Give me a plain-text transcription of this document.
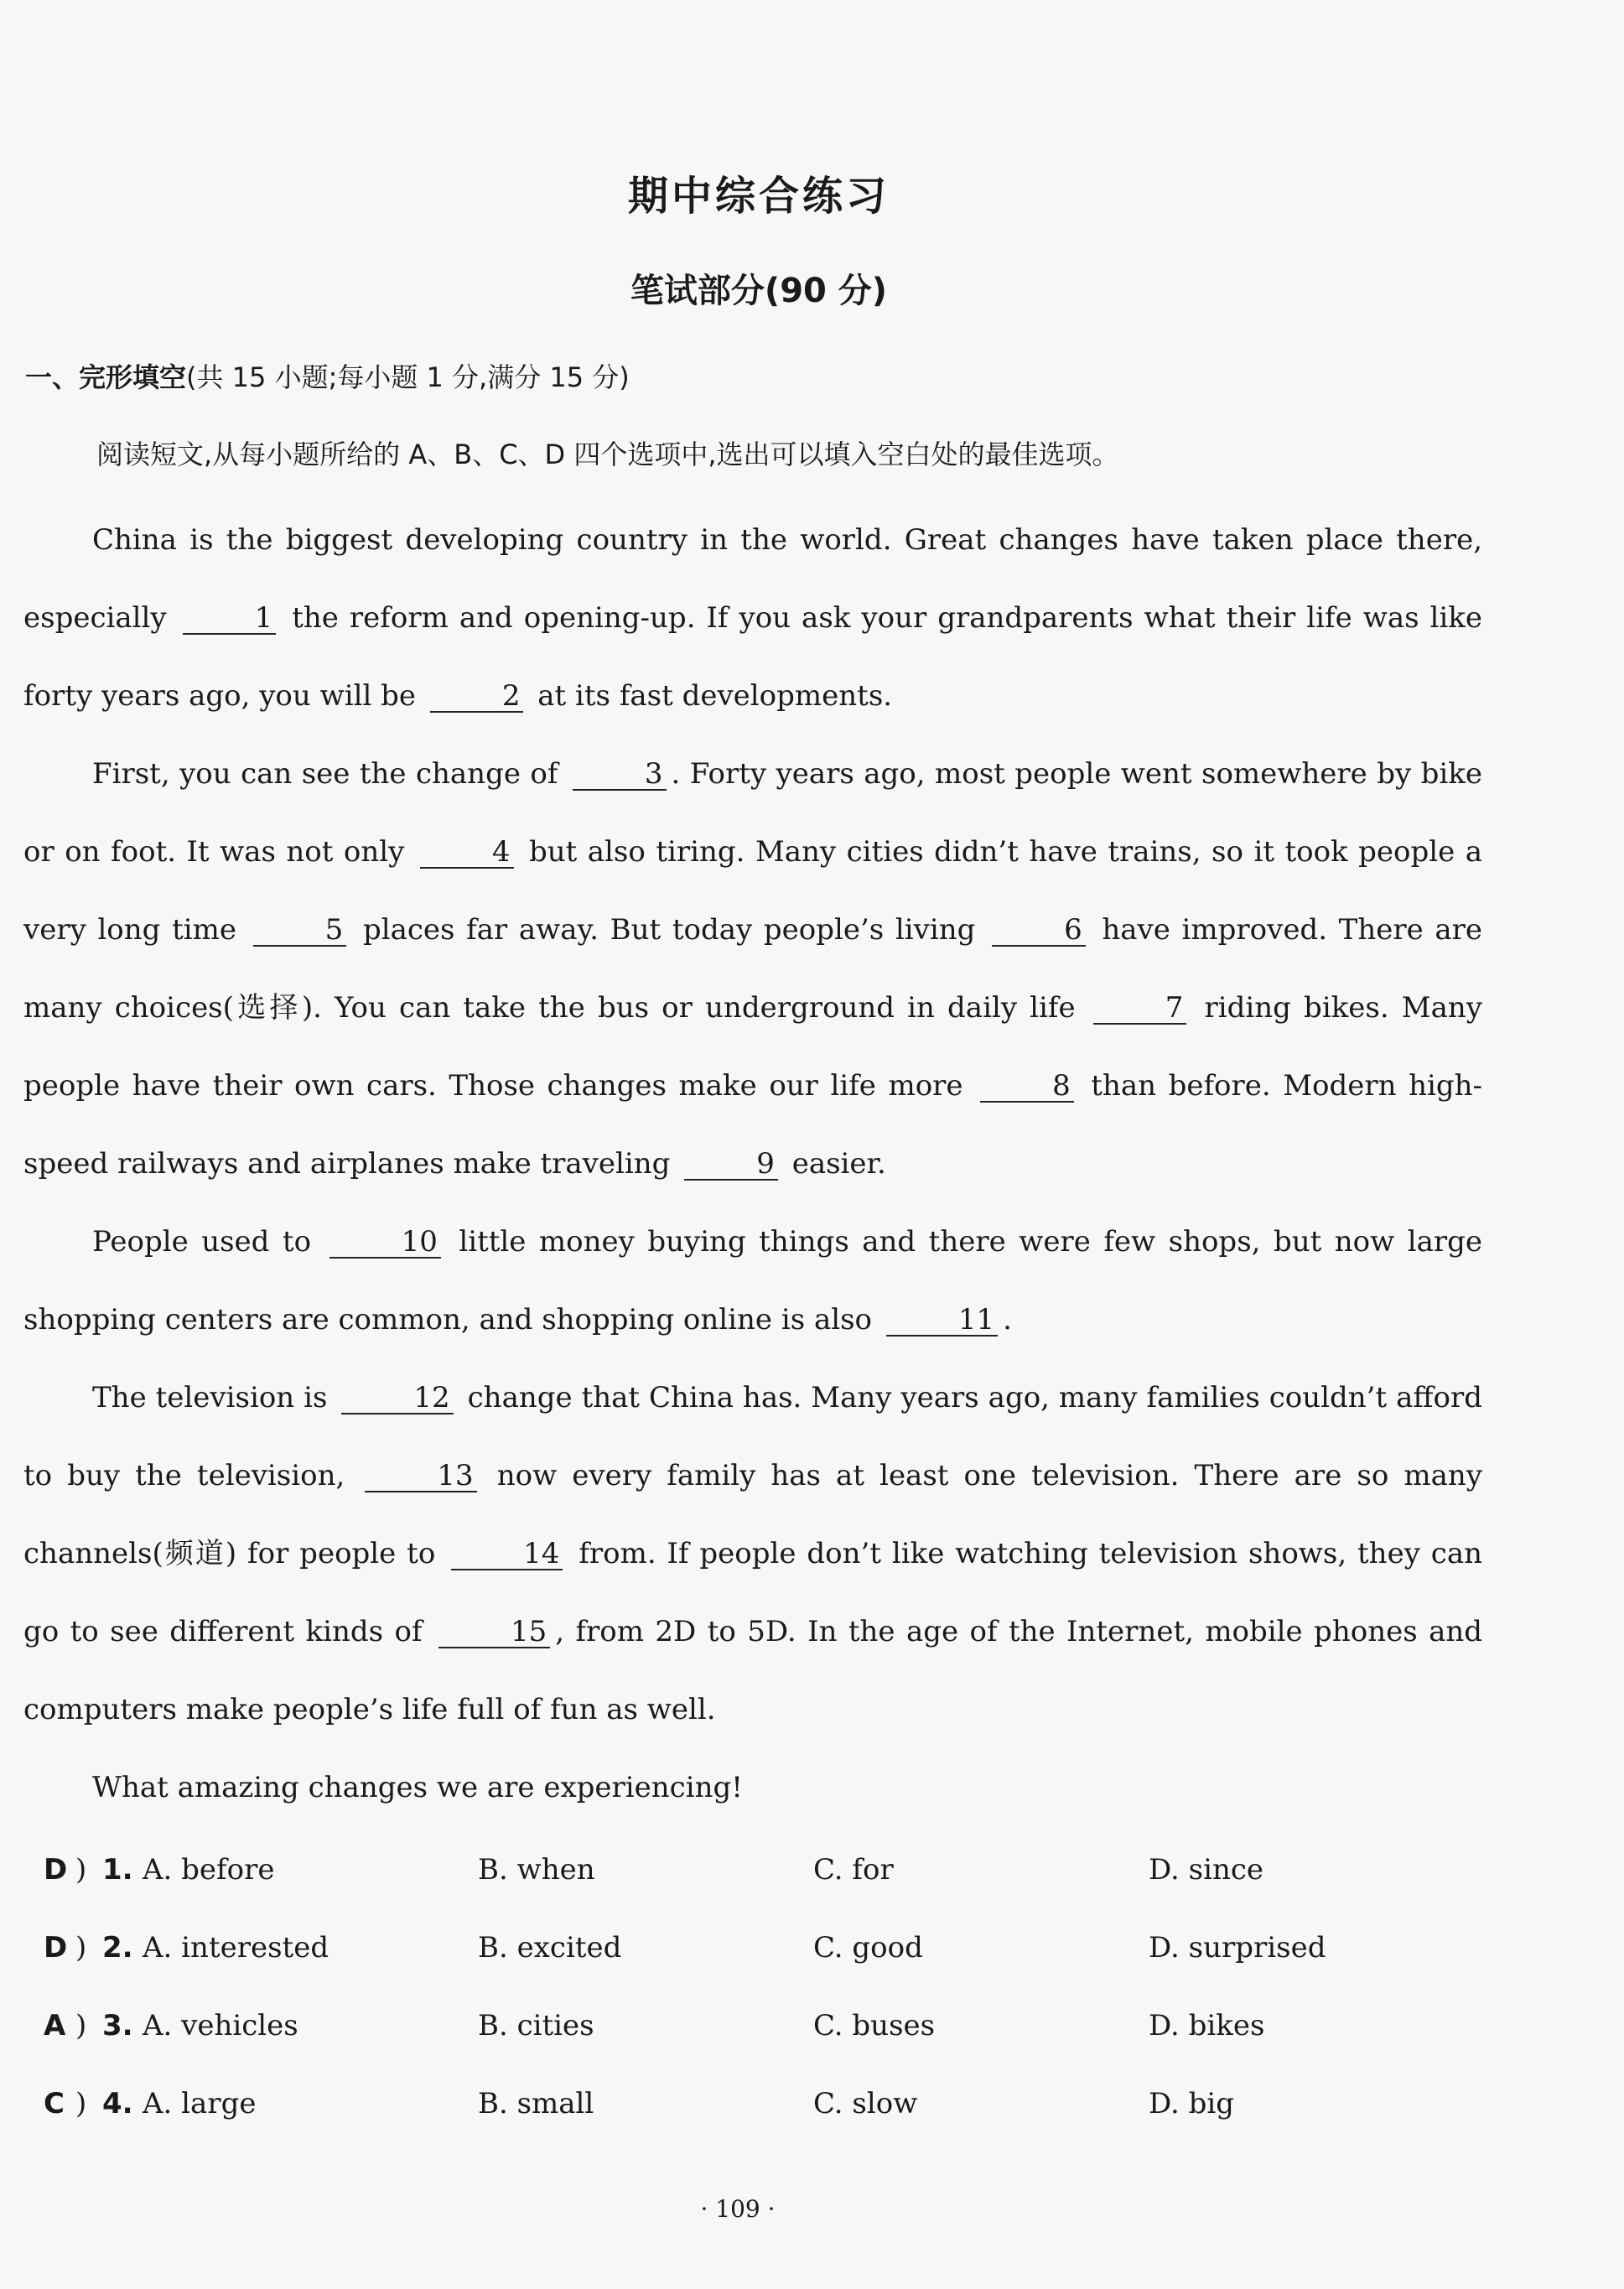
期中综合练习
笔试部分(90 分)
一、完形填空(共 15 小题;每小题 1 分,满分 15 分)
阅读短文,从每小题所给的 A、B、C、D 四个选项中,选出可以填入空白处的最佳选项。

China is the biggest developing country in the world. Great changes have taken place there, especially	1 the reform and opening-up. If you ask your grandparents what their life was like forty years ago, you will be	2 at its fast developments.

First, you can see the change of	3 . Forty years ago, most people went somewhere by bike or on foot. It was not only	4 but also tiring. Many cities didn’t have trains, so it took people a very long time	5 places far away. But today people’s living	6 have improved. There are many choices(选择). You can take the bus or underground in daily life	7 riding bikes. Many people have their own cars. Those changes make our life more	8 than before. Modern high-speed railways and airplanes make traveling	9 easier.

People used to	10 little money buying things and there were few shops, but now large shopping centers are common, and shopping online is also	11 .

The television is	12 change that China has. Many years ago, many families couldn’t afford to buy the television,	13 now every family has at least one television. There are so many channels(频道) for people to	14 from. If people don’t like watching television shows, they can go to see different kinds of	15 , from 2D to 5D. In the age of the Internet, mobile phones and computers make people’s life full of fun as well.

What amazing changes we are experiencing!

D ) 1. A. before	B. when	C. for	D. since
D ) 2. A. interested	B. excited	C. good	D. surprised
A ) 3. A. vehicles	B. cities	C. buses	D. bikes
C ) 4. A. large	B. small	C. slow	D. big
· 109 ·
